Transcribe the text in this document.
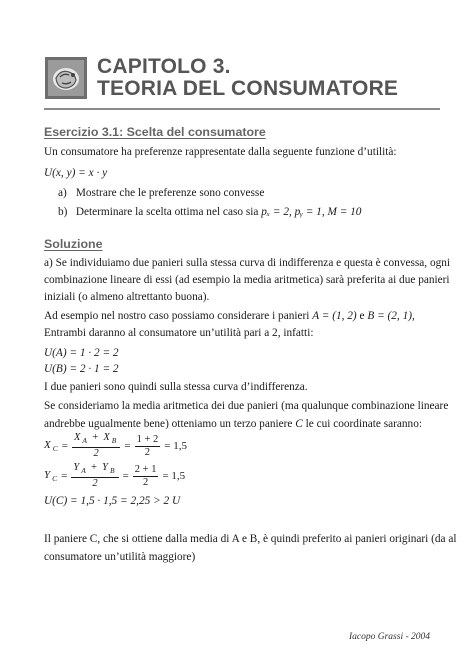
CAPITOLO 3.
TEORIA DEL CONSUMATORE
Esercizio 3.1: Scelta del consumatore
Un consumatore ha preferenze rappresentate dalla seguente funzione d’utilità:
U(x, y) = x · y
a) Mostrare che le preferenze sono convesse
b) Determinare la scelta ottima nel caso sia pₓ = 2, pᵧ = 1, M = 10
Soluzione
a) Se individuiamo due panieri sulla stessa curva di indifferenza e questa è convessa, ogni
combinazione lineare di essi (ad esempio la media aritmetica) sarà preferita ai due panieri
iniziali (o almeno altrettanto buona).
Ad esempio nel nostro caso possiamo considerare i panieri A = (1, 2) e B = (2, 1),
Entrambi daranno al consumatore un’utilità pari a 2, infatti:
U(A) = 1 · 2 = 2
U(B) = 2 · 1 = 2
I due panieri sono quindi sulla stessa curva d’indifferenza.
Se consideriamo la media aritmetica dei due panieri (ma qualunque combinazione lineare
andrebbe ugualmente bene) otteniamo un terzo paniere C le cui coordinate saranno:
X $_C = \frac{X _A + X _B}{2} = \frac{1 + 2}{2} = 1,5$
Y $_C = \frac{Y _A + Y _B}{2} = \frac{2 + 1}{2} = 1,5$
U(C) = 1,5 · 1,5 = 2,25 > 2 U
Il paniere C, che si ottiene dalla media di A e B, è quindi preferito ai panieri originari (da al
consumatore un’utilità maggiore)
Iacopo Grassi - 2004
